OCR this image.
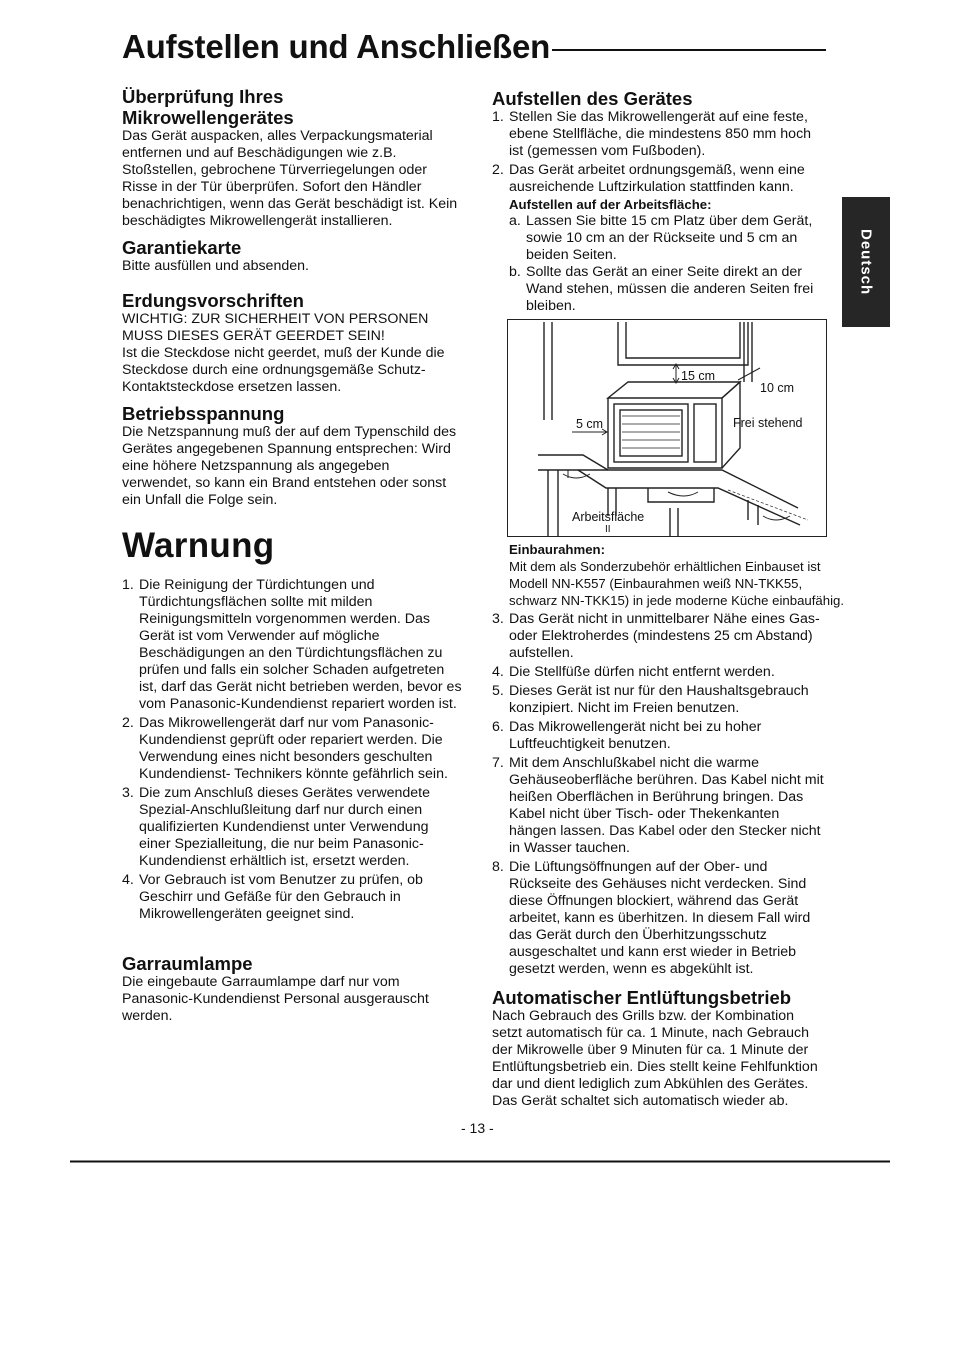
Aufstellen und Anschließen
Deutsch
Überprüfung Ihres
Mikrowellengerätes

Das Gerät auspacken, alles Verpackungsmaterial entfernen und auf Beschädigungen wie z.B. Stoßstellen, gebrochene Türverriegelungen oder Risse in der Tür überprüfen. Sofort den Händler benachrichtigen, wenn das Gerät beschädigt ist. Kein beschädigtes Mikrowellengerät installieren.

Garantiekarte

Bitte ausfüllen und absenden.

Erdungsvorschriften

WICHTIG: ZUR SICHERHEIT VON PERSONEN MUSS DIESES GERÄT GEERDET SEIN!

Ist die Steckdose nicht geerdet, muß der Kunde die Steckdose durch eine ordnungsgemäße Schutz-Kontaktsteckdose ersetzen lassen.

Betriebsspannung

Die Netzspannung muß der auf dem Typenschild des Gerätes angegebenen Spannung entsprechen: Wird eine höhere Netzspannung als angegeben verwendet, so kann ein Brand entstehen oder sonst ein Unfall die Folge sein.

Warnung
1. Die Reinigung der Türdichtungen und Türdichtungsflächen sollte mit milden Reinigungsmitteln vorgenommen werden. Das Gerät ist vom Verwender auf mögliche Beschädigungen an den Türdichtungsflächen zu prüfen und falls ein solcher Schaden aufgetreten ist, darf das Gerät nicht betrieben werden, bevor es vom Panasonic-Kundendienst repariert worden ist.
2. Das Mikrowellengerät darf nur vom Panasonic-Kundendienst geprüft oder repariert werden. Die Verwendung eines nicht besonders geschulten Kundendienst- Technikers könnte gefährlich sein.
3. Die zum Anschluß dieses Gerätes verwendete Spezial-Anschlußleitung darf nur durch einen qualifizierten Kundendienst unter Verwendung einer Spezialleitung, die nur beim Panasonic-Kundendienst erhältlich ist, ersetzt werden.
4. Vor Gebrauch ist vom Benutzer zu prüfen, ob Geschirr und Gefäße für den Gebrauch in Mikrowellengeräten geeignet sind.
Garraumlampe

Die eingebaute Garraumlampe darf nur vom Panasonic-Kundendienst Personal ausgerauscht werden.

Aufstellen des Gerätes
1. Stellen Sie das Mikrowellengerät auf eine feste, ebene Stellfläche, die mindestens 850 mm hoch ist (gemessen vom Fußboden).
2. Das Gerät arbeitet ordnungsgemäß, wenn eine ausreichende Luftzirkulation stattfinden kann.

Aufstellen auf der Arbeitsfläche:

a. Lassen Sie bitte 15 cm Platz über dem Gerät, sowie 10 cm an der Rückseite und 5 cm an beiden Seiten.
b. Sollte das Gerät an einer Seite direkt an der Wand stehen, müssen die anderen Seiten frei bleiben.
15 cm
10 cm
5 cm	Frei stehend
Arbeitsfläche
II

Einbaurahmen:

Mit dem als Sonderzubehör erhältlichen Einbauset ist Modell NN-K557 (Einbaurahmen weiß NN-TKK55, schwarz NN-TKK15) in jede moderne Küche einbaufähig.

3. Das Gerät nicht in unmittelbarer Nähe eines Gas-oder Elektroherdes (mindestens 25 cm Abstand) aufstellen.
4. Die Stellfüße dürfen nicht entfernt werden.
5. Dieses Gerät ist nur für den Haushaltsgebrauch konzipiert. Nicht im Freien benutzen.
6. Das Mikrowellengerät nicht bei zu hoher Luftfeuchtigkeit benutzen.
7. Mit dem Anschlußkabel nicht die warme Gehäuseoberfläche berühren. Das Kabel nicht mit heißen Oberflächen in Berührung bringen. Das Kabel nicht über Tisch- oder Thekenkanten hängen lassen. Das Kabel oder den Stecker nicht in Wasser tauchen.
8. Die Lüftungsöffnungen auf der Ober- und Rückseite des Gehäuses nicht verdecken. Sind diese Öffnungen blockiert, während das Gerät arbeitet, kann es überhitzen. In diesem Fall wird das Gerät durch den Überhitzungsschutz ausgeschaltet und kann erst wieder in Betrieb gesetzt werden, wenn es abgekühlt ist.
Automatischer Entlüftungsbetrieb

Nach Gebrauch des Grills bzw. der Kombination setzt automatisch für ca. 1 Minute, nach Gebrauch der Mikrowelle über 9 Minuten für ca. 1 Minute der Entlüftungsbetrieb ein. Dies stellt keine Fehlfunktion dar und dient lediglich zum Abkühlen des Gerätes. Das Gerät schaltet sich automatisch wieder ab.

- 13 -
